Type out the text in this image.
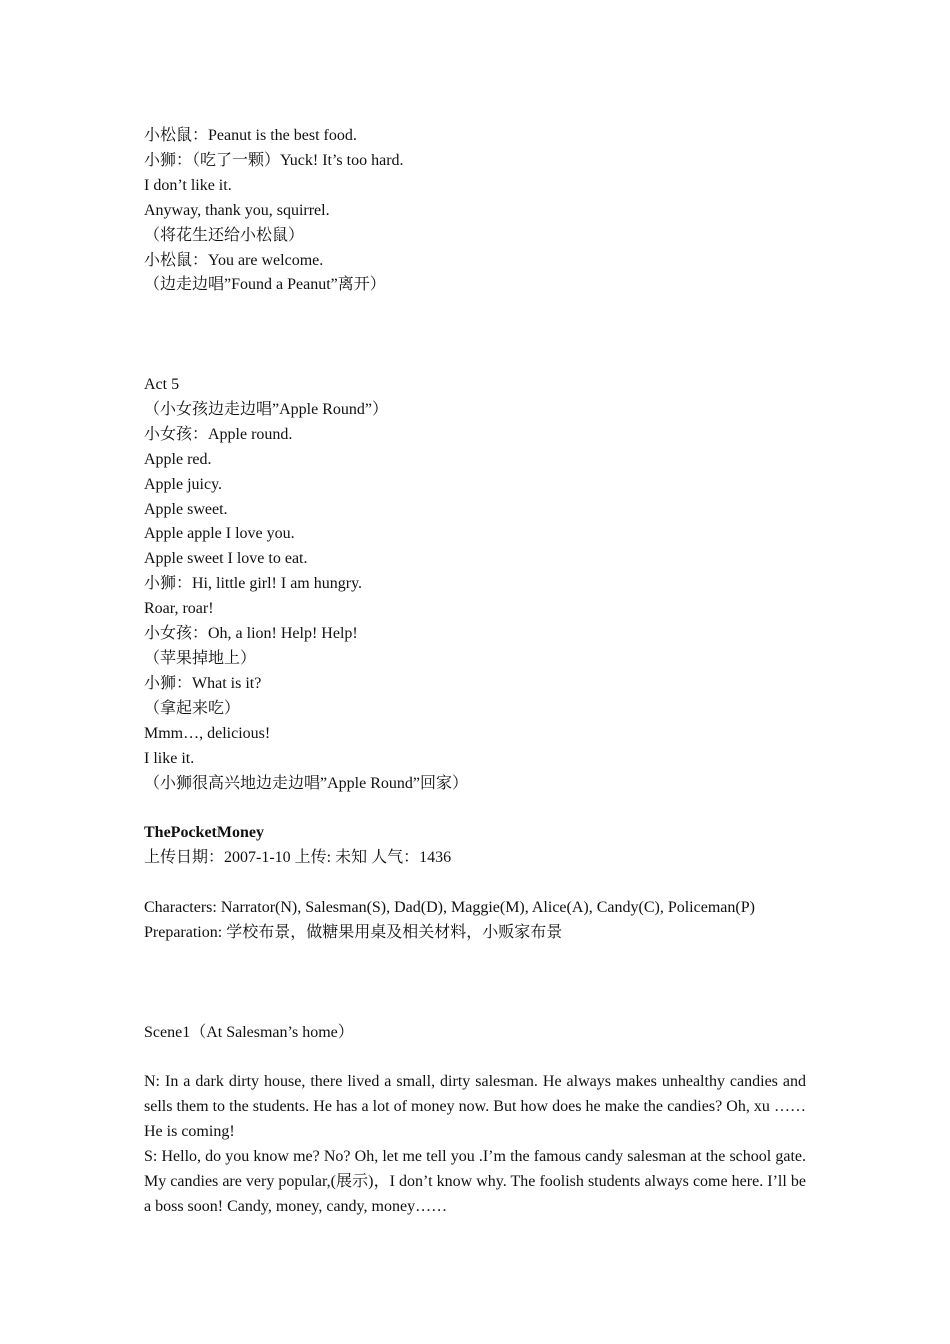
小松鼠：Peanut is the best food.
小狮：（吃了一颗）Yuck! It’s too hard.
I don’t like it.
Anyway, thank you, squirrel.
（将花生还给小松鼠）
小松鼠：You are welcome.
（边走边唱”Found a Peanut”离开）
Act 5
（小女孩边走边唱”Apple Round”）
小女孩：Apple round.
Apple red.
Apple juicy.
Apple sweet.
Apple apple I love you.
Apple sweet I love to eat.
小狮：Hi, little girl! I am hungry.
Roar, roar!
小女孩：Oh, a lion! Help! Help!
（苹果掉地上）
小狮：What is it?
（拿起来吃）
Mmm…, delicious!
I like it.
（小狮很高兴地边走边唱”Apple Round”回家）
ThePocketMoney
上传日期：2007-1-10 上传: 未知 人气：1436
Characters: Narrator(N), Salesman(S), Dad(D), Maggie(M), Alice(A), Candy(C), Policeman(P)
Preparation: 学校布景，做糖果用桌及相关材料，小贩家布景
Scene1（At Salesman’s home）
N: In a dark dirty house, there lived a small, dirty salesman. He always makes unhealthy candies and sells them to the students. He has a lot of money now. But how does he make the candies? Oh, xu …… He is coming!
S: Hello, do you know me? No? Oh, let me tell you .I’m the famous candy salesman at the school gate. My candies are very popular,(展示)，I don’t know why. The foolish students always come here. I’ll be a boss soon! Candy, money, candy, money……
